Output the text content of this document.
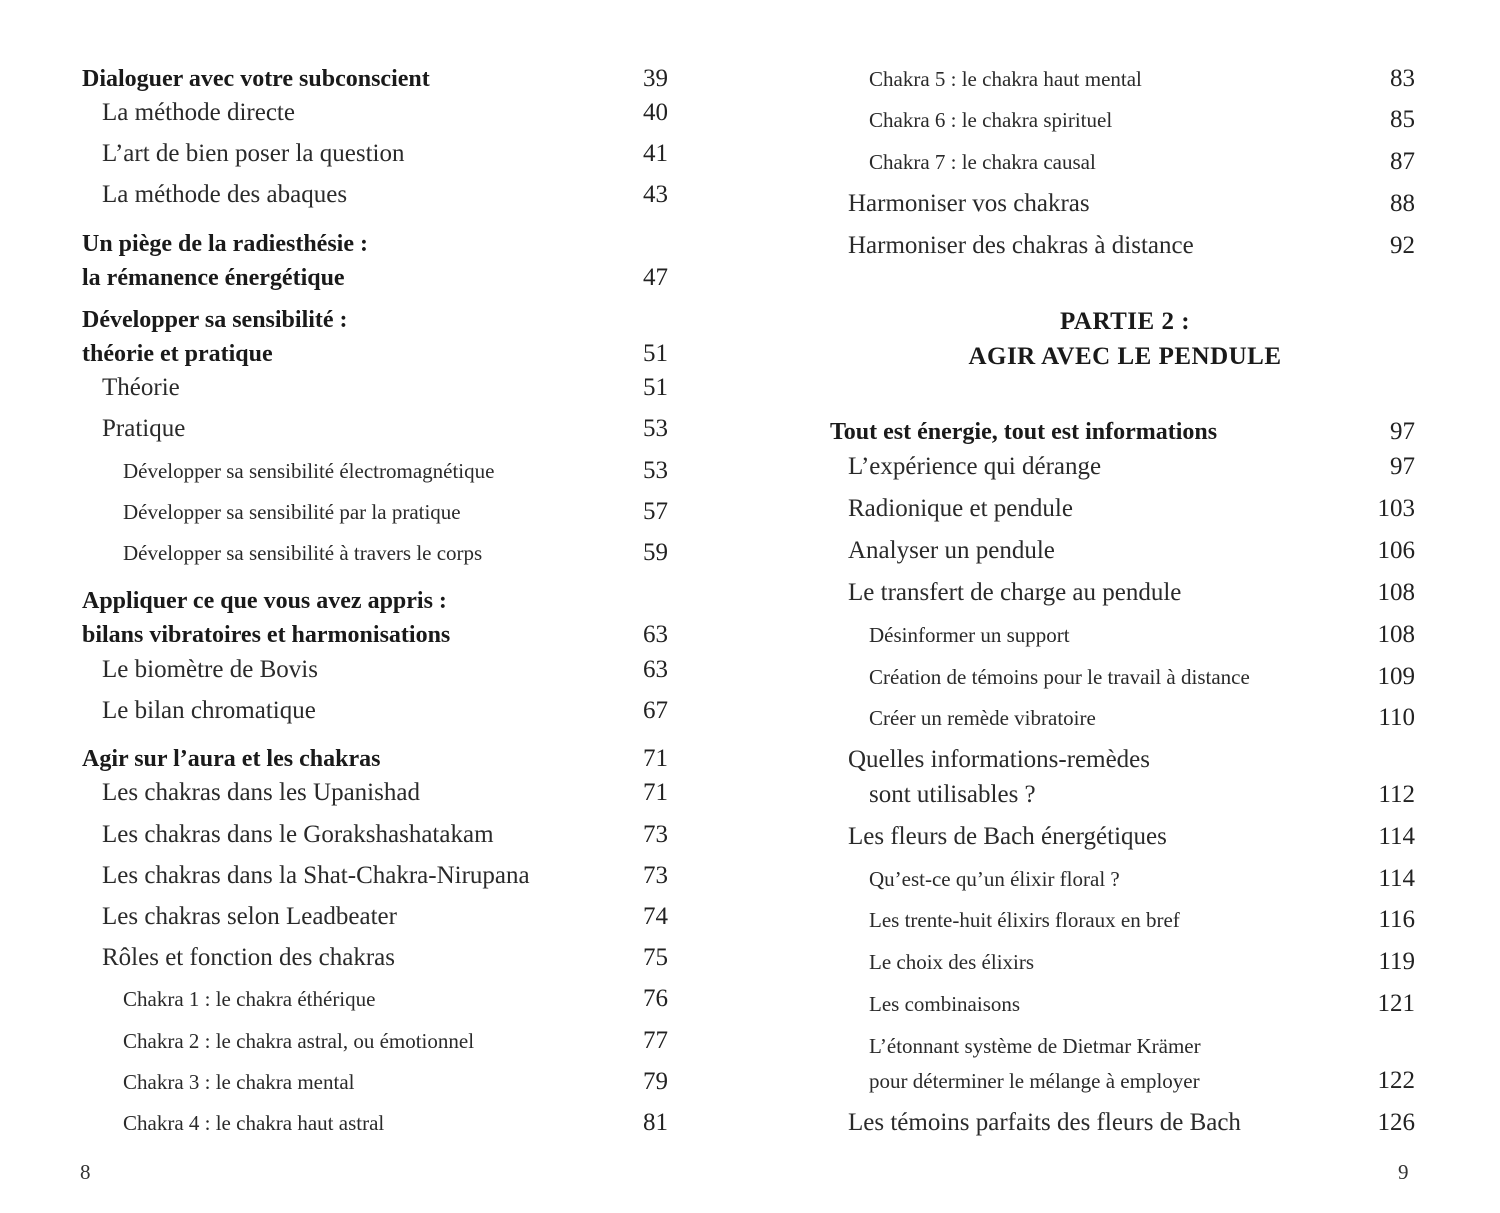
Dialoguer avec votre subconscient	39
La méthode directe	40
L’art de bien poser la question	41
La méthode des abaques	43
Un piège de la radiesthésie :
la rémanence énergétique	47
Développer sa sensibilité :
théorie et pratique	51
Théorie	51
Pratique	53
Développer sa sensibilité électromagnétique	53
Développer sa sensibilité par la pratique	57
Développer sa sensibilité à travers le corps	59
Appliquer ce que vous avez appris :
bilans vibratoires et harmonisations	63
Le biomètre de Bovis	63
Le bilan chromatique	67
Agir sur l’aura et les chakras	71
Les chakras dans les Upanishad	71
Les chakras dans le Gorakshashatakam	73
Les chakras dans la Shat-Chakra-Nirupana	73
Les chakras selon Leadbeater	74
Rôles et fonction des chakras	75
Chakra 1 : le chakra éthérique	76
Chakra 2 : le chakra astral, ou émotionnel	77
Chakra 3 : le chakra mental	79
Chakra 4 : le chakra haut astral	81
8
PARTIE 2 :
AGIR AVEC LE PENDULE
Chakra 5 : le chakra haut mental	83
Chakra 6 : le chakra spirituel	85
Chakra 7 : le chakra causal	87
Harmoniser vos chakras	88
Harmoniser des chakras à distance	92
Tout est énergie, tout est informations	97
L’expérience qui dérange	97
Radionique et pendule	103
Analyser un pendule	106
Le transfert de charge au pendule	108
Désinformer un support	108
Création de témoins pour le travail à distance	109
Créer un remède vibratoire	110
Quelles informations-remèdes
sont utilisables ?	112
Les fleurs de Bach énergétiques	114
Qu’est-ce qu’un élixir floral ?	114
Les trente-huit élixirs floraux en bref	116
Le choix des élixirs	119
Les combinaisons	121
L’étonnant système de Dietmar Krämer
pour déterminer le mélange à employer	122
Les témoins parfaits des fleurs de Bach	126
9
